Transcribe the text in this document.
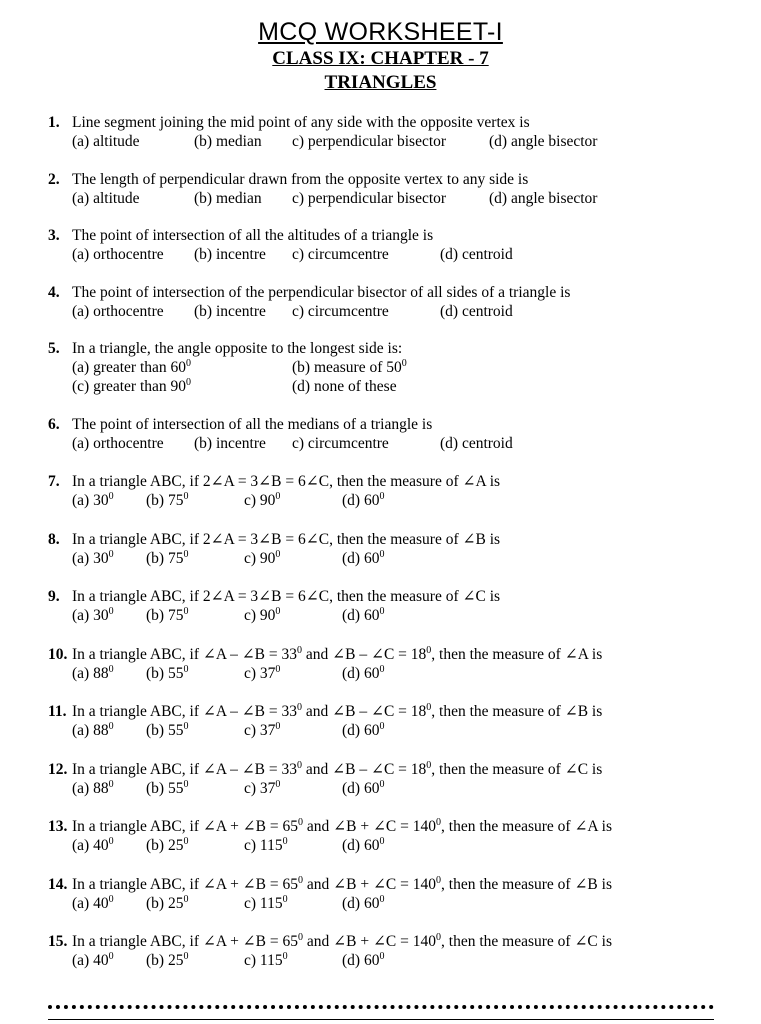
MCQ WORKSHEET-I
CLASS IX: CHAPTER - 7
TRIANGLES
1. Line segment joining the mid point of any side with the opposite vertex is
(a) altitude	(b) median c) perpendicular bisector	(d) angle bisector
2. The length of perpendicular drawn from the opposite vertex to any side is
(a) altitude	(b) median c) perpendicular bisector	(d) angle bisector
3. The point of intersection of all the altitudes of a triangle is
(a) orthocentre (b) incentre c) circumcentre	(d) centroid
4. The point of intersection of the perpendicular bisector of all sides of a triangle is
(a) orthocentre (b) incentre c) circumcentre	(d) centroid
5. In a triangle, the angle opposite to the longest side is:
(a) greater than $60^0$	(b) measure of $50^0$
(c) greater than $90^0$	(d) none of these
6. The point of intersection of all the medians of a triangle is
(a) orthocentre (b) incentre c) circumcentre	(d) centroid
7. In a triangle ABC, if 2∠A = 3∠B = 6∠C, then the measure of ∠A is
(a) $30^0$ (b) $75^0$	c) $90^0$	(d) $60^0$
8. In a triangle ABC, if 2∠A = 3∠B = 6∠C, then the measure of ∠B is
(a) $30^0$ (b) $75^0$	c) $90^0$	(d) $60^0$
9. In a triangle ABC, if 2∠A = 3∠B = 6∠C, then the measure of ∠C is
(a) $30^0$ (b) $75^0$	c) $90^0$	(d) $60^0$
10. In a triangle ABC, if ∠A – ∠B = $33^0$ and ∠B – ∠C = $18^0$, then the measure of ∠A is
(a) $88^0$ (b) $55^0$	c) $37^0$	(d) $60^0$
11. In a triangle ABC, if ∠A – ∠B = $33^0$ and ∠B – ∠C = $18^0$, then the measure of ∠B is
(a) $88^0$ (b) $55^0$	c) $37^0$	(d) $60^0$
12. In a triangle ABC, if ∠A – ∠B = $33^0$ and ∠B – ∠C = $18^0$, then the measure of ∠C is
(a) $88^0$ (b) $55^0$	c) $37^0$	(d) $60^0$
13. In a triangle ABC, if ∠A + ∠B = $65^0$ and ∠B + ∠C = $140^0$, then the measure of ∠A is
(a) $40^0$ (b) $25^0$	c) $115^0$	(d) $60^0$
14. In a triangle ABC, if ∠A + ∠B = $65^0$ and ∠B + ∠C = $140^0$, then the measure of ∠B is
(a) $40^0$ (b) $25^0$	c) $115^0$	(d) $60^0$
15. In a triangle ABC, if ∠A + ∠B = $65^0$ and ∠B + ∠C = $140^0$, then the measure of ∠C is
(a) $40^0$ (b) $25^0$	c) $115^0$	(d) $60^0$
